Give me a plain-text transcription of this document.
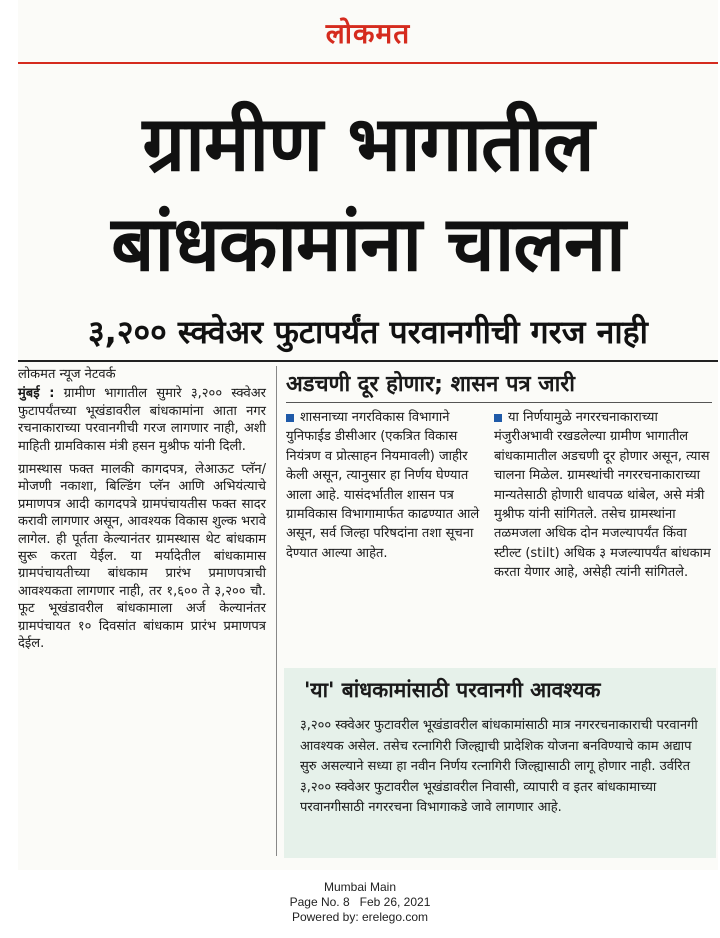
लोकमत
ग्रामीण भागातील
बांधकामांना चालना
३,२०० स्क्वेअर फुटापर्यंत परवानगीची गरज नाही

लोकमत न्यूज नेटवर्क

मुंबई : ग्रामीण भागातील सुमारे ३,२०० स्क्वेअर फुटापर्यंतच्या भूखंडावरील बांधकामांना आता नगर रचनाकाराच्या परवानगीची गरज लागणार नाही, अशी माहिती ग्रामविकास मंत्री हसन मुश्रीफ यांनी दिली.

ग्रामस्थास फक्त मालकी कागदपत्र, लेआऊट प्लॅन/मोजणी नकाशा, बिल्डिंग प्लॅन आणि अभियंत्याचे प्रमाणपत्र आदी कागदपत्रे ग्रामपंचायतीस फक्त सादर करावी लागणार असून, आवश्यक विकास शुल्क भरावे लागेल. ही पूर्तता केल्यानंतर ग्रामस्थास थेट बांधकाम सुरू करता येईल. या मर्यादेतील बांधकामास ग्रामपंचायतीच्या बांधकाम प्रारंभ प्रमाणपत्राची आवश्यकता लागणार नाही, तर १,६०० ते ३,२०० चौ. फूट भूखंडावरील बांधकामाला अर्ज केल्यानंतर ग्रामपंचायत १० दिवसांत बांधकाम प्रारंभ प्रमाणपत्र देईल.

अडचणी दूर होणार; शासन पत्र जारी

शासनाच्या नगरविकास विभागाने युनिफाईड डीसीआर (एकत्रित विकास नियंत्रण व प्रोत्साहन नियमावली) जाहीर केली असून, त्यानुसार हा निर्णय घेण्यात आला आहे. यासंदर्भातील शासन पत्र ग्रामविकास विभागामार्फत काढण्यात आले असून, सर्व जिल्हा परिषदांना तशा सूचना देण्यात आल्या आहेत.

या निर्णयामुळे नगररचनाकाराच्या मंजुरीअभावी रखडलेल्या ग्रामीण भागातील बांधकामातील अडचणी दूर होणार असून, त्यास चालना मिळेल. ग्रामस्थांची नगररचनाकाराच्या मान्यतेसाठी होणारी धावपळ थांबेल, असे मंत्री मुश्रीफ यांनी सांगितले. तसेच ग्रामस्थांना तळमजला अधिक दोन मजल्यापर्यंत किंवा स्टील्ट (stilt) अधिक ३ मजल्यापर्यंत बांधकाम करता येणार आहे, असेही त्यांनी सांगितले.

'या' बांधकामांसाठी परवानगी आवश्यक
३,२०० स्क्वेअर फुटावरील भूखंडावरील बांधकामांसाठी मात्र नगररचनाकाराची परवानगी आवश्यक असेल. तसेच रत्नागिरी जिल्ह्याची प्रादेशिक योजना बनविण्याचे काम अद्याप सुरु असल्याने सध्या हा नवीन निर्णय रत्नागिरी जिल्ह्यासाठी लागू होणार नाही. उर्वरित ३,२०० स्क्वेअर फुटावरील भूखंडावरील निवासी, व्यापारी व इतर बांधकामाच्या परवानगीसाठी नगररचना विभागाकडे जावे लागणार आहे.
Mumbai Main
Page No. 8   Feb 26, 2021
Powered by: erelego.com
